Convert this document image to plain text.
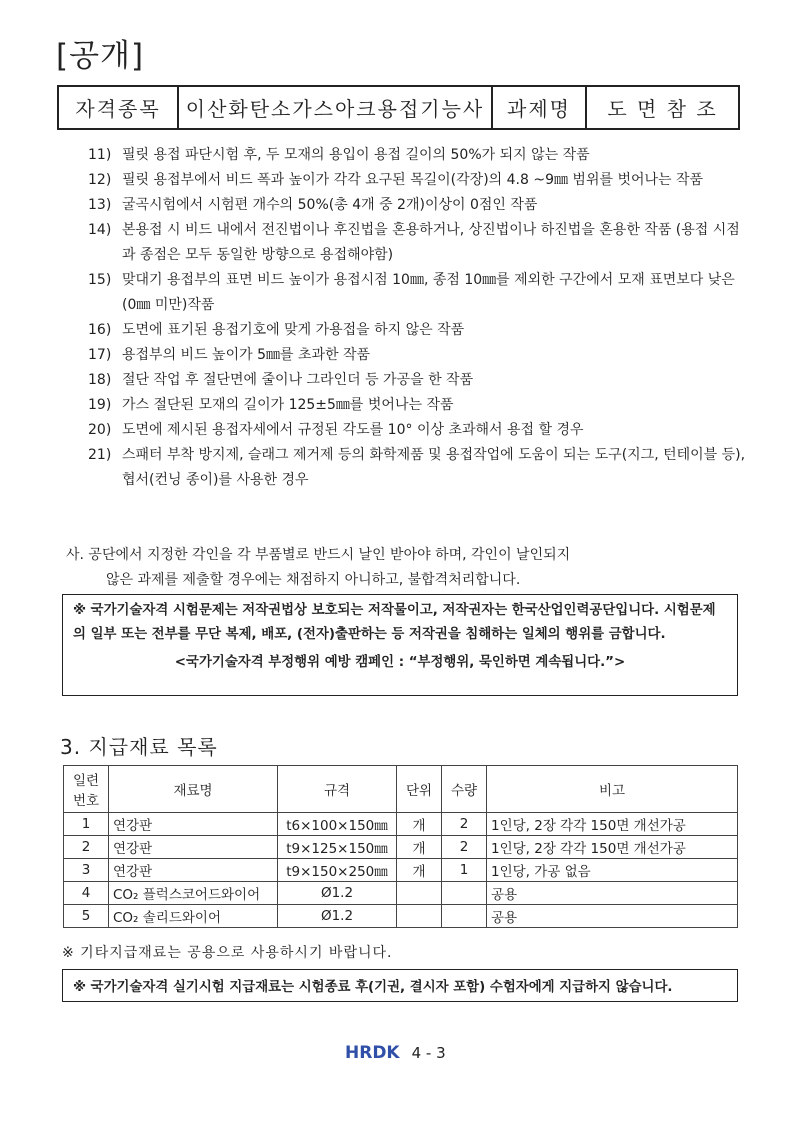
[공개]
자격종목	이산화탄소가스아크용접기능사	과제명	도 면 참 조
11) 필릿 용접 파단시험 후, 두 모재의 용입이 용접 길이의 50%가 되지 않는 작품
12) 필릿 용접부에서 비드 폭과 높이가 각각 요구된 목길이(각장)의 4.8 ~9㎜ 범위를 벗어나는 작품
13) 굴곡시험에서 시험편 개수의 50%(총 4개 중 2개)이상이 0점인 작품
14) 본용접 시 비드 내에서 전진법이나 후진법을 혼용하거나, 상진법이나 하진법을 혼용한 작품 (용접 시점과 종점은 모두 동일한 방향으로 용접해야함)
15) 맞대기 용접부의 표면 비드 높이가 용접시점 10㎜, 종점 10㎜를 제외한 구간에서 모재 표면보다 낮은(0㎜ 미만)작품
16) 도면에 표기된 용접기호에 맞게 가용접을 하지 않은 작품
17) 용접부의 비드 높이가 5㎜를 초과한 작품
18) 절단 작업 후 절단면에 줄이나 그라인더 등 가공을 한 작품
19) 가스 절단된 모재의 길이가 125±5㎜를 벗어나는 작품
20) 도면에 제시된 용접자세에서 규정된 각도를 10° 이상 초과해서 용접 할 경우
21) 스패터 부착 방지제, 슬래그 제거제 등의 화학제품 및 용접작업에 도움이 되는 도구(지그, 턴테이블 등), 협서(컨닝 종이)를 사용한 경우
사. 공단에서 지정한 각인을 각 부품별로 반드시 날인 받아야 하며, 각인이 날인되지
않은 과제를 제출할 경우에는 채점하지 아니하고, 불합격처리합니다.
※ 국가기술자격 시험문제는 저작권법상 보호되는 저작물이고, 저작권자는 한국산업인력공단입니다. 시험문제의 일부 또는 전부를 무단 복제, 배포, (전자)출판하는 등 저작권을 침해하는 일체의 행위를 금합니다.
<국가기술자격 부정행위 예방 캠페인 : “부정행위, 묵인하면 계속됩니다.”>
3. 지급재료 목록
일련 번호	재료명	규격	단위	수량	비고
1	연강판	t6×100×150㎜	개	2	1인당, 2장 각각 150면 개선가공
2	연강판	t9×125×150㎜	개	2	1인당, 2장 각각 150면 개선가공
3	연강판	t9×150×250㎜	개	1	1인당, 가공 없음
4	CO₂ 플럭스코어드와이어	Ø1.2			공용
5	CO₂ 솔리드와이어	Ø1.2			공용
※ 기타지급재료는 공용으로 사용하시기 바랍니다.
※ 국가기술자격 실기시험 지급재료는 시험종료 후(기권, 결시자 포함) 수험자에게 지급하지 않습니다.
HRDK 4 - 3
